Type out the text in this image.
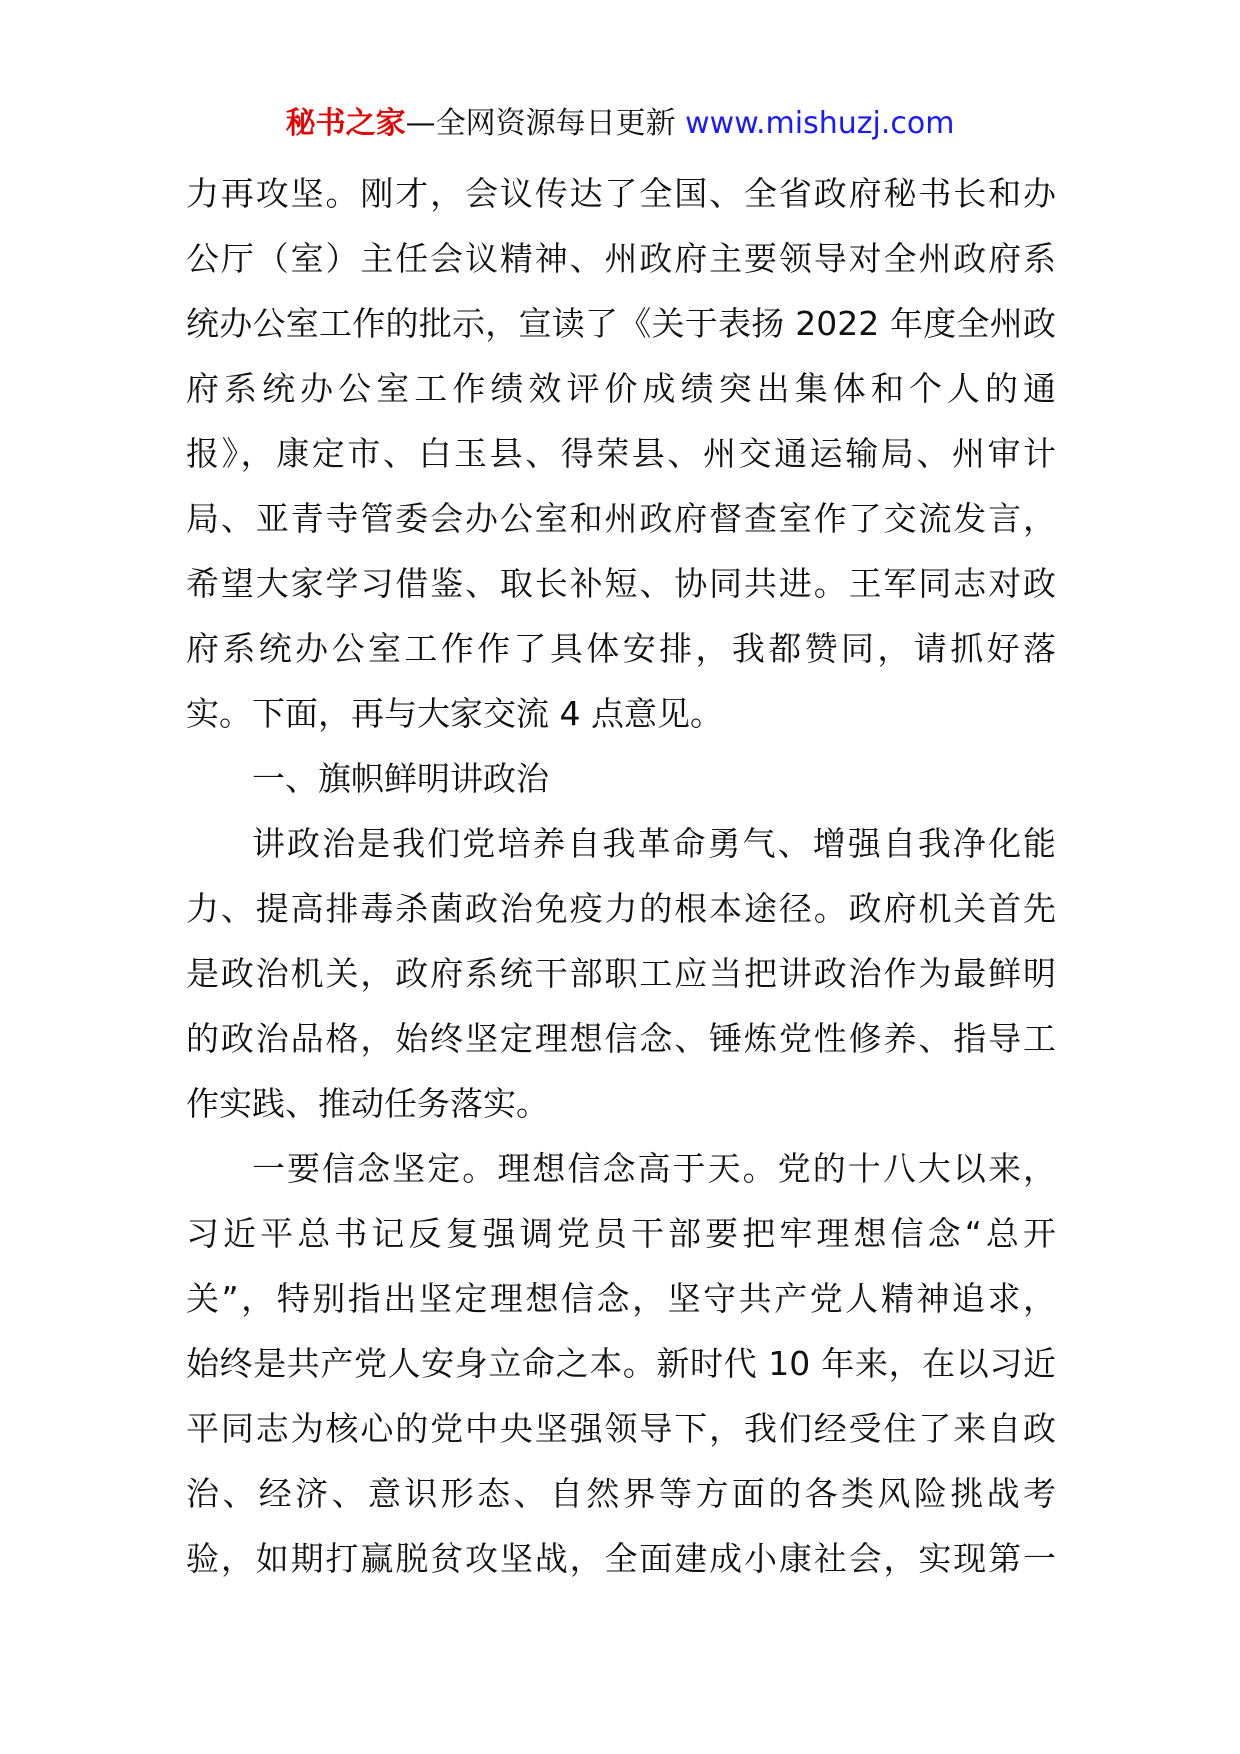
秘书之家—全网资源每日更新 www.mishuzj.com
力再攻坚。刚才，会议传达了全国、全省政府秘书长和办
公厅（室）主任会议精神、州政府主要领导对全州政府系
统办公室工作的批示，宣读了《关于表扬 2022 年度全州政
府系统办公室工作绩效评价成绩突出集体和个人的通
报》，康定市、白玉县、得荣县、州交通运输局、州审计
局、亚青寺管委会办公室和州政府督查室作了交流发言，
希望大家学习借鉴、取长补短、协同共进。王军同志对政
府系统办公室工作作了具体安排，我都赞同，请抓好落
实。下面，再与大家交流 4 点意见。
一、旗帜鲜明讲政治
讲政治是我们党培养自我革命勇气、增强自我净化能
力、提高排毒杀菌政治免疫力的根本途径。政府机关首先
是政治机关，政府系统干部职工应当把讲政治作为最鲜明
的政治品格，始终坚定理想信念、锤炼党性修养、指导工
作实践、推动任务落实。
一要信念坚定。理想信念高于天。党的十八大以来，
习近平总书记反复强调党员干部要把牢理想信念“总开
关”，特别指出坚定理想信念，坚守共产党人精神追求，
始终是共产党人安身立命之本。新时代 10 年来，在以习近
平同志为核心的党中央坚强领导下，我们经受住了来自政
治、经济、意识形态、自然界等方面的各类风险挑战考
验，如期打赢脱贫攻坚战，全面建成小康社会，实现第一
